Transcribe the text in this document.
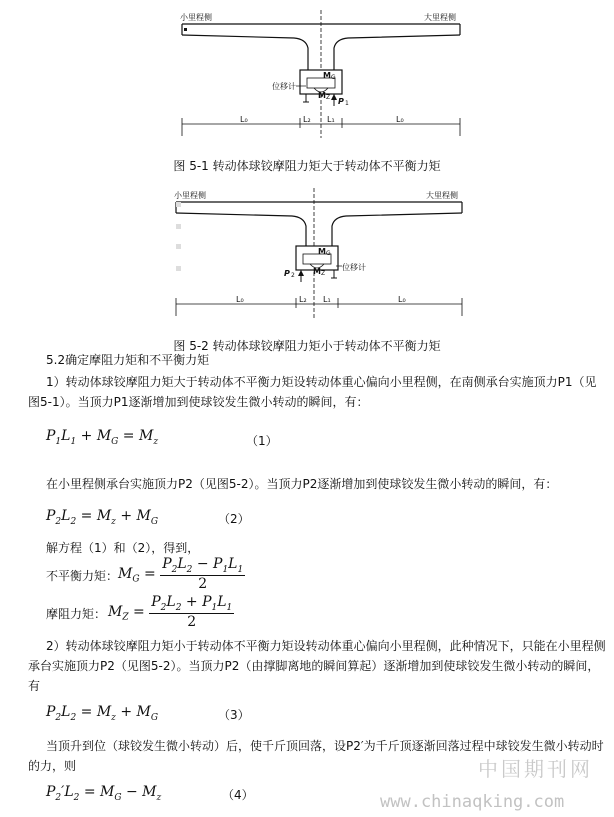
小里程侧	大里程侧
M G
M Z P 1
位移计
L₀	L₂ L₁	L₀
图 5-1 转动体球铰摩阻力矩大于转动体不平衡力矩
小里程侧	大里程侧
M G
M Z
P 2
位移计
L₀	L₂ L₁	L₀
图 5-2 转动体球铰摩阻力矩小于转动体不平衡力矩
5.2确定摩阻力矩和不平衡力矩
1）转动体球铰摩阻力矩大于转动体不平衡力矩设转动体重心偏向小里程侧，在南侧承台实施顶力P1（见图5-1）。当顶力P1逐渐增加到使球铰发生微小转动的瞬间，有：
$P_1L_1 + M_G = M_z$	（1）
在小里程侧承台实施顶力P2（见图5-2）。当顶力P2逐渐增加到使球铰发生微小转动的瞬间，有：
$P_2L_2 = M_z + M_G$	（2）
解方程（1）和（2），得到，
不平衡力矩： $M_G = \frac{P_2L_2 - P_1L_1}{2}$
摩阻力矩： $M_Z = \frac{P_2L_2 + P_1L_1}{2}$
2）转动体球铰摩阻力矩小于转动体不平衡力矩设转动体重心偏向小里程侧，此种情况下，只能在小里程侧承台实施顶力P2（见图5-2）。当顶力P2（由撑脚离地的瞬间算起）逐渐增加到使球铰发生微小转动的瞬间，有
$P_2L_2 = M_z + M_G$	（3）
当顶升到位（球铰发生微小转动）后，使千斤顶回落，设P2′为千斤顶逐渐回落过程中球铰发生微小转动时的力，则
$P_2'L_2 = M_G - M_z$	（4）
中国期刊网
www.chinaqking.com
